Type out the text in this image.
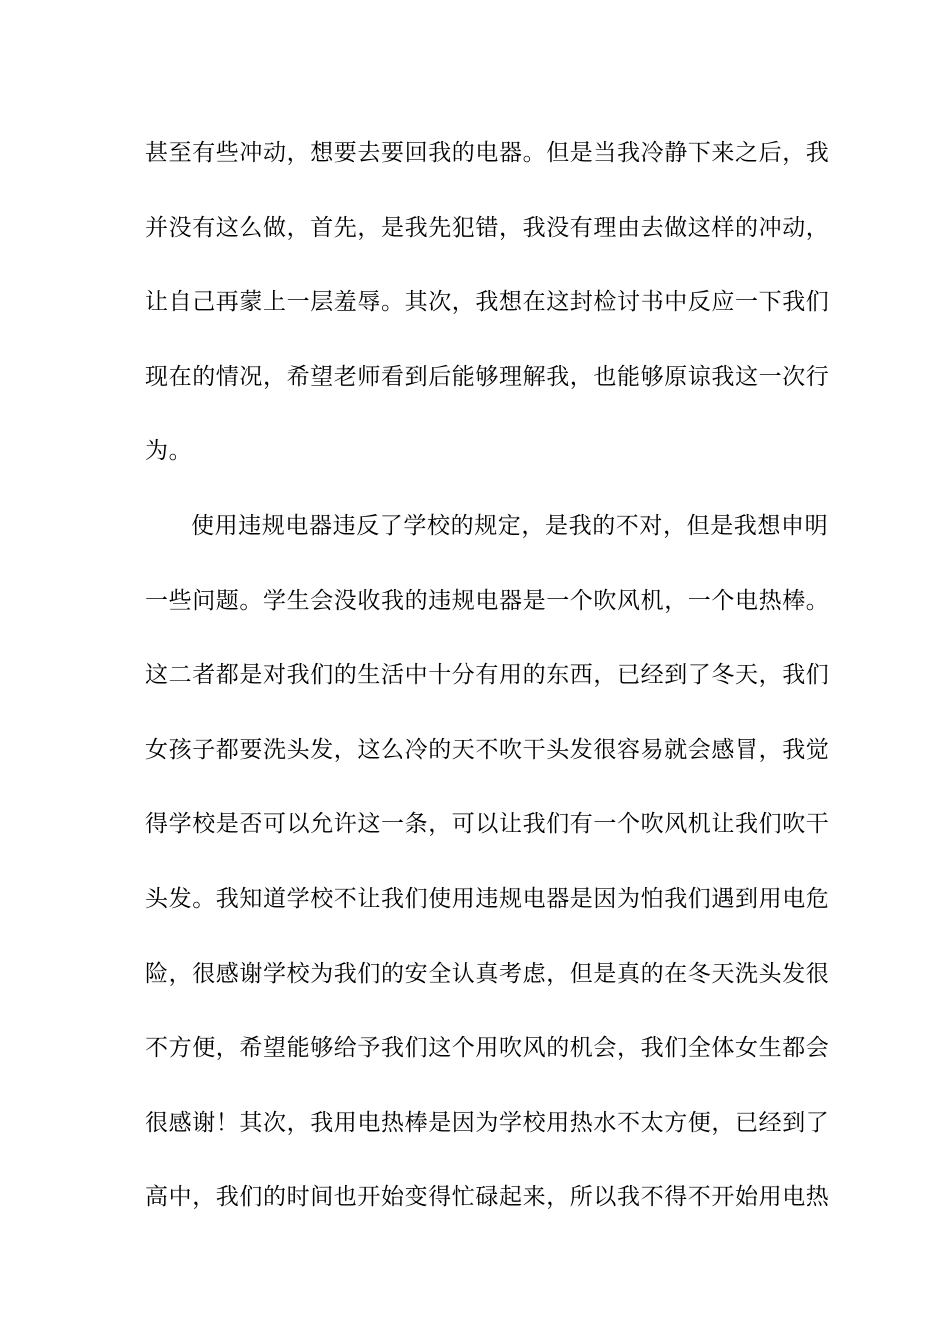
甚至有些冲动，想要去要回我的电器。但是当我冷静下来之后，我
并没有这么做，首先，是我先犯错，我没有理由去做这样的冲动，
让自己再蒙上一层羞辱。其次，我想在这封检讨书中反应一下我们
现在的情况，希望老师看到后能够理解我，也能够原谅我这一次行
为。
使用违规电器违反了学校的规定，是我的不对，但是我想申明
一些问题。学生会没收我的违规电器是一个吹风机，一个电热棒。
这二者都是对我们的生活中十分有用的东西，已经到了冬天，我们
女孩子都要洗头发，这么冷的天不吹干头发很容易就会感冒，我觉
得学校是否可以允许这一条，可以让我们有一个吹风机让我们吹干
头发。我知道学校不让我们使用违规电器是因为怕我们遇到用电危
险，很感谢学校为我们的安全认真考虑，但是真的在冬天洗头发很
不方便，希望能够给予我们这个用吹风的机会，我们全体女生都会
很感谢！其次，我用电热棒是因为学校用热水不太方便，已经到了
高中，我们的时间也开始变得忙碌起来，所以我不得不开始用电热
